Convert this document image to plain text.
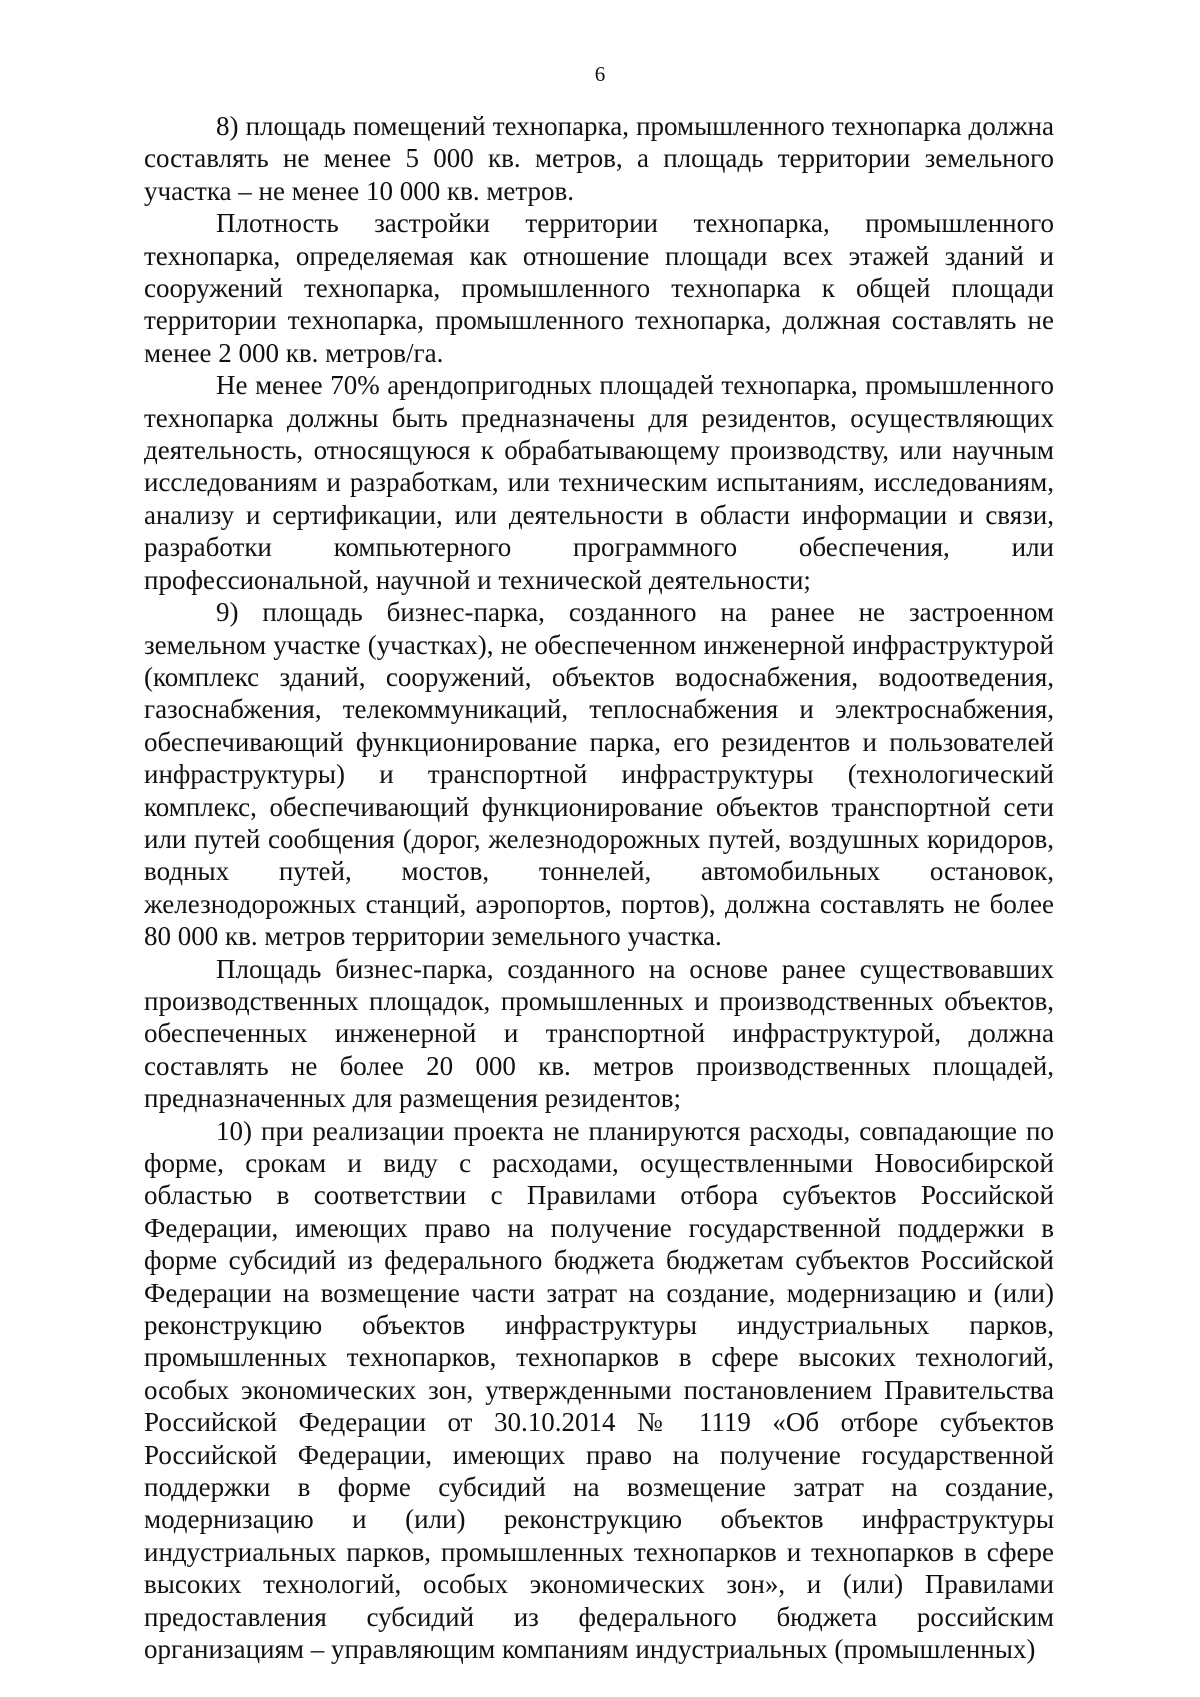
6

8) площадь помещений технопарка, промышленного технопарка должна составлять не менее 5 000 кв. метров, а площадь территории земельного участка – не менее 10 000 кв. метров.

Плотность застройки территории технопарка, промышленного технопарка, определяемая как отношение площади всех этажей зданий и сооружений технопарка, промышленного технопарка к общей площади территории технопарка, промышленного технопарка, должная составлять не менее 2 000 кв. метров/га.

Не менее 70% арендопригодных площадей технопарка, промышленного технопарка должны быть предназначены для резидентов, осуществляющих деятельность, относящуюся к обрабатывающему производству, или научным исследованиям и разработкам, или техническим испытаниям, исследованиям, анализу и сертификации, или деятельности в области информации и связи, разработки компьютерного программного обеспечения, или профессиональной, научной и технической деятельности;

9) площадь бизнес-парка, созданного на ранее не застроенном земельном участке (участках), не обеспеченном инженерной инфраструктурой (комплекс зданий, сооружений, объектов водоснабжения, водоотведения, газоснабжения, телекоммуникаций, теплоснабжения и электроснабжения, обеспечивающий функционирование парка, его резидентов и пользователей инфраструктуры) и транспортной инфраструктуры (технологический комплекс, обеспечивающий функционирование объектов транспортной сети или путей сообщения (дорог, железнодорожных путей, воздушных коридоров, водных путей, мостов, тоннелей, автомобильных остановок, железнодорожных станций, аэропортов, портов), должна составлять не более 80 000 кв. метров территории земельного участка.

Площадь бизнес-парка, созданного на основе ранее существовавших производственных площадок, промышленных и производственных объектов, обеспеченных инженерной и транспортной инфраструктурой, должна составлять не более 20 000 кв. метров производственных площадей, предназначенных для размещения резидентов;

10) при реализации проекта не планируются расходы, совпадающие по форме, срокам и виду с расходами, осуществленными Новосибирской областью в соответствии с Правилами отбора субъектов Российской Федерации, имеющих право на получение государственной поддержки в форме субсидий из федерального бюджета бюджетам субъектов Российской Федерации на возмещение части затрат на создание, модернизацию и (или) реконструкцию объектов инфраструктуры индустриальных парков, промышленных технопарков, технопарков в сфере высоких технологий, особых экономических зон, утвержденными постановлением Правительства Российской Федерации от 30.10.2014 № 1119 «Об отборе субъектов Российской Федерации, имеющих право на получение государственной поддержки в форме субсидий на возмещение затрат на создание, модернизацию и (или) реконструкцию объектов инфраструктуры индустриальных парков, промышленных технопарков и технопарков в сфере высоких технологий, особых экономических зон», и (или) Правилами предоставления субсидий из федерального бюджета российским организациям – управляющим компаниям индустриальных (промышленных)
